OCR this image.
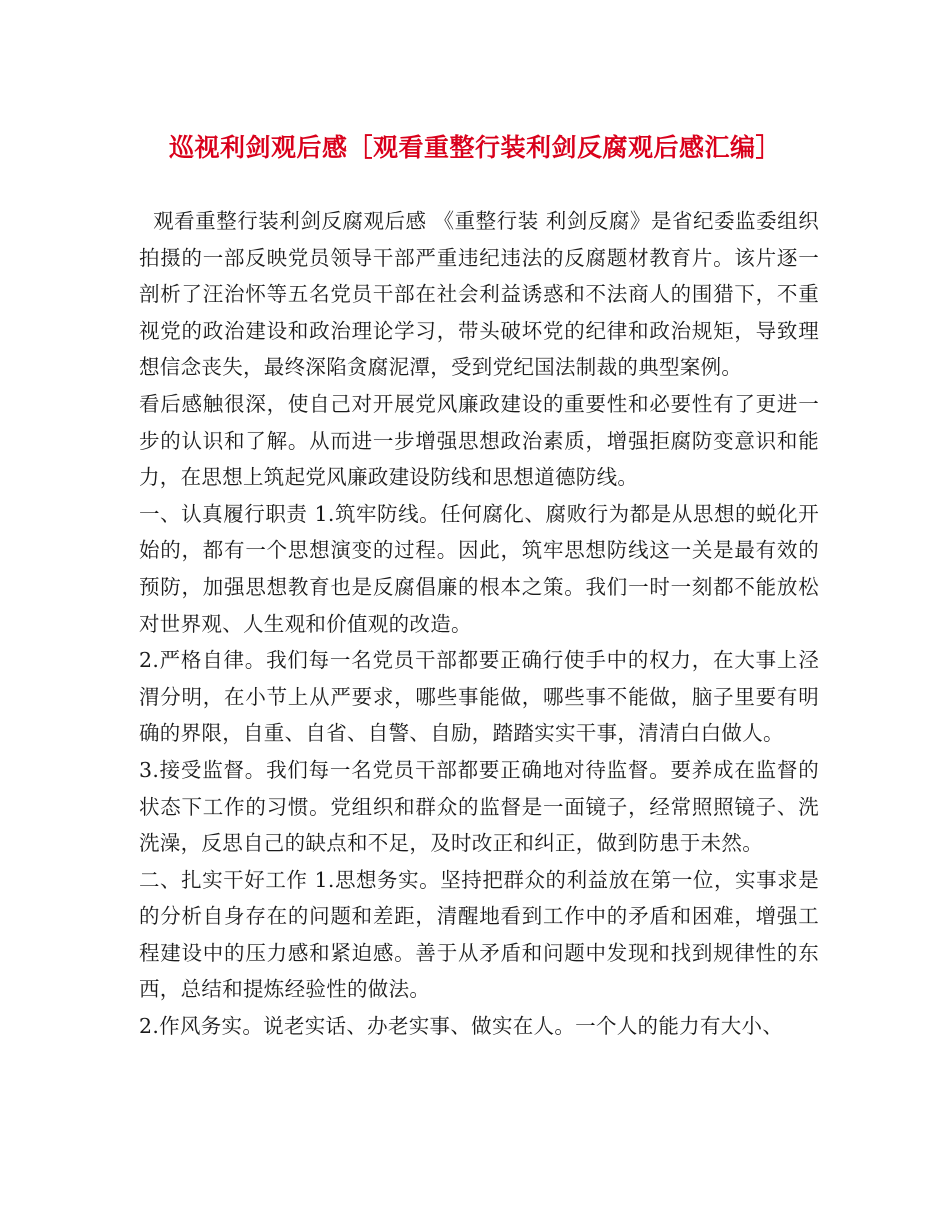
巡视利剑观后感［观看重整行装利剑反腐观后感汇编］

观看重整行装利剑反腐观后感 《重整行装 利剑反腐》是省纪委监委组织拍摄的一部反映党员领导干部严重违纪违法的反腐题材教育片。该片逐一剖析了汪治怀等五名党员干部在社会利益诱惑和不法商人的围猎下，不重视党的政治建设和政治理论学习，带头破坏党的纪律和政治规矩，导致理想信念丧失，最终深陷贪腐泥潭，受到党纪国法制裁的典型案例。

看后感触很深，使自己对开展党风廉政建设的重要性和必要性有了更进一步的认识和了解。从而进一步增强思想政治素质，增强拒腐防变意识和能力，在思想上筑起党风廉政建设防线和思想道德防线。

一、认真履行职责 1.筑牢防线。任何腐化、腐败行为都是从思想的蜕化开始的，都有一个思想演变的过程。因此，筑牢思想防线这一关是最有效的预防，加强思想教育也是反腐倡廉的根本之策。我们一时一刻都不能放松对世界观、人生观和价值观的改造。

2.严格自律。我们每一名党员干部都要正确行使手中的权力，在大事上泾渭分明，在小节上从严要求，哪些事能做，哪些事不能做，脑子里要有明确的界限，自重、自省、自警、自励，踏踏实实干事，清清白白做人。

3.接受监督。我们每一名党员干部都要正确地对待监督。要养成在监督的状态下工作的习惯。党组织和群众的监督是一面镜子，经常照照镜子、洗洗澡，反思自己的缺点和不足，及时改正和纠正，做到防患于未然。

二、扎实干好工作 1.思想务实。坚持把群众的利益放在第一位，实事求是的分析自身存在的问题和差距，清醒地看到工作中的矛盾和困难，增强工程建设中的压力感和紧迫感。善于从矛盾和问题中发现和找到规律性的东西，总结和提炼经验性的做法。

2.作风务实。说老实话、办老实事、做实在人。一个人的能力有大小、
